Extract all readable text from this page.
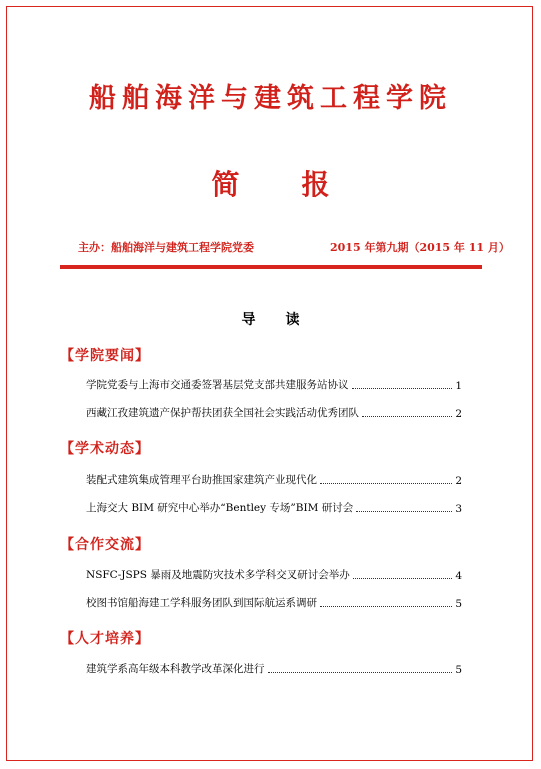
船舶海洋与建筑工程学院
简 报
主办：船舶海洋与建筑工程学院党委	2015 年第九期（2015 年 11 月）
导 读
【学院要闻】
学院党委与上海市交通委签署基层党支部共建服务站协议	1
西藏江孜建筑遗产保护帮扶团获全国社会实践活动优秀团队	2
【学术动态】
装配式建筑集成管理平台助推国家建筑产业现代化	2
上海交大 BIM 研究中心举办“Bentley 专场”BIM 研讨会	3
【合作交流】
NSFC-JSPS 暴雨及地震防灾技术多学科交叉研讨会举办	4
校图书馆船海建工学科服务团队到国际航运系调研	5
【人才培养】
建筑学系高年级本科教学改革深化进行	5
